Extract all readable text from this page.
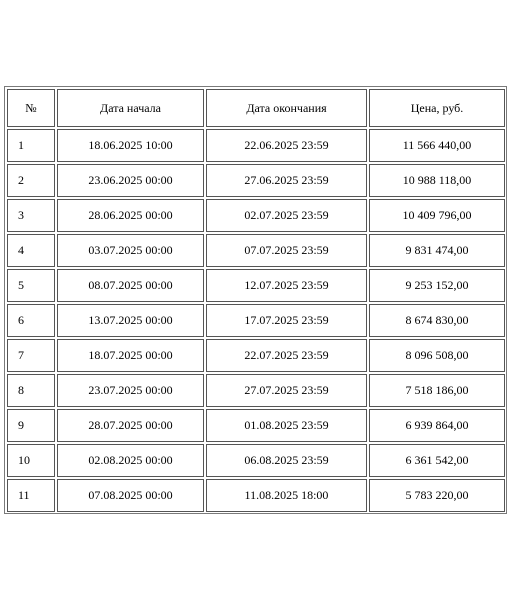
№	Дата начала	Дата окончания	Цена, руб.
1	18.06.2025 10:00	22.06.2025 23:59	11 566 440,00
2	23.06.2025 00:00	27.06.2025 23:59	10 988 118,00
3	28.06.2025 00:00	02.07.2025 23:59	10 409 796,00
4	03.07.2025 00:00	07.07.2025 23:59	9 831 474,00
5	08.07.2025 00:00	12.07.2025 23:59	9 253 152,00
6	13.07.2025 00:00	17.07.2025 23:59	8 674 830,00
7	18.07.2025 00:00	22.07.2025 23:59	8 096 508,00
8	23.07.2025 00:00	27.07.2025 23:59	7 518 186,00
9	28.07.2025 00:00	01.08.2025 23:59	6 939 864,00
10	02.08.2025 00:00	06.08.2025 23:59	6 361 542,00
11	07.08.2025 00:00	11.08.2025 18:00	5 783 220,00
